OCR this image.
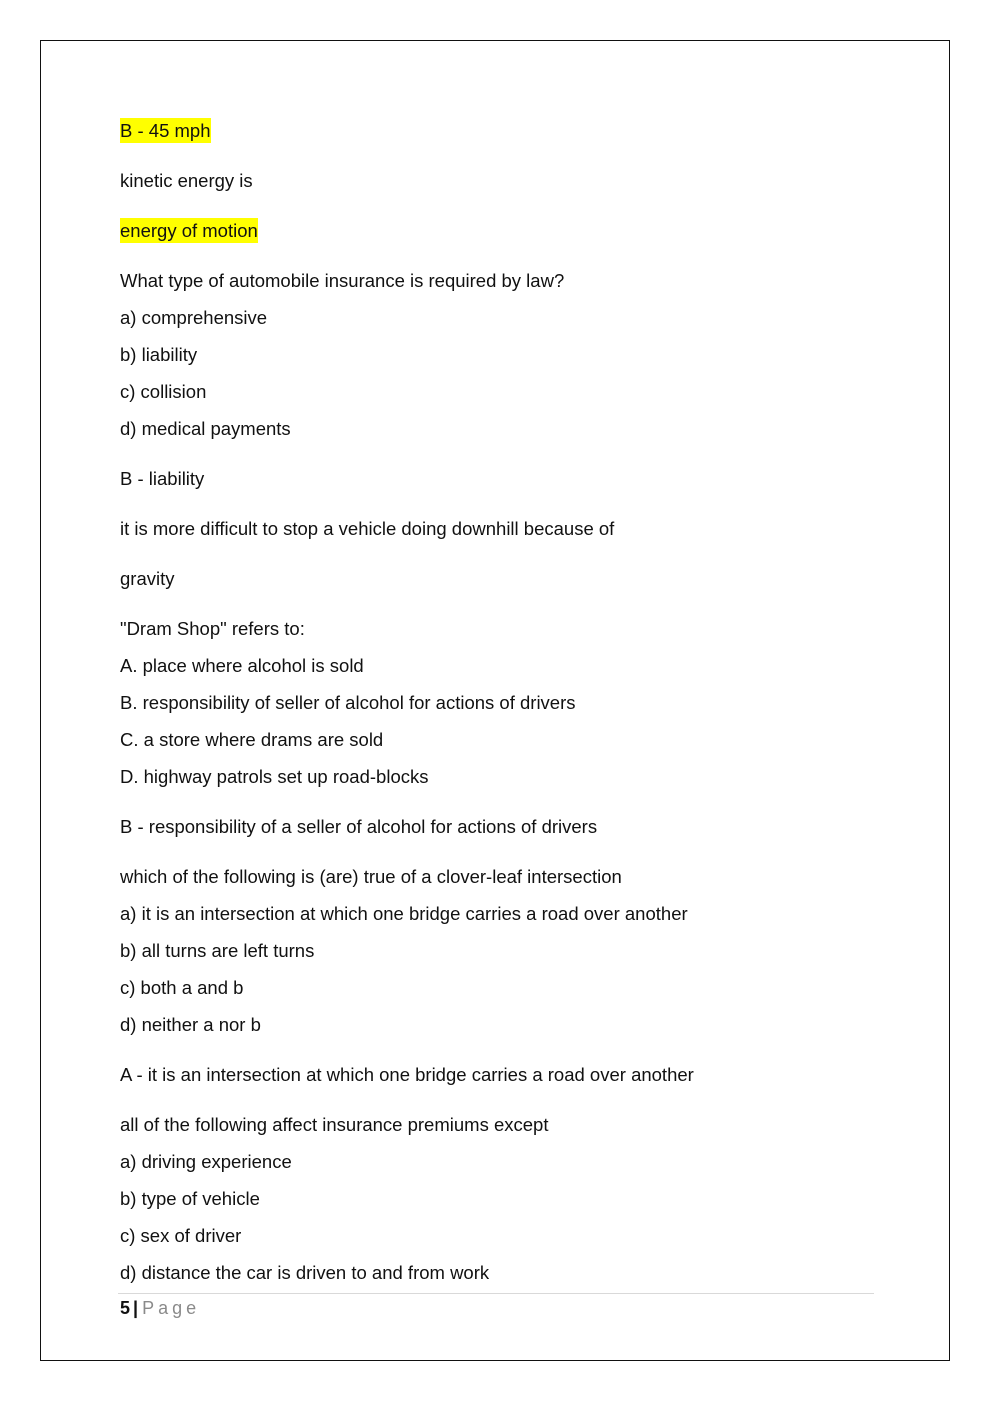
B - 45 mph

kinetic energy is

energy of motion

What type of automobile insurance is required by law?

a) comprehensive

b) liability

c) collision

d) medical payments

B - liability

it is more difficult to stop a vehicle doing downhill because of

gravity

"Dram Shop" refers to:

A. place where alcohol is sold

B. responsibility of seller of alcohol for actions of drivers

C. a store where drams are sold

D. highway patrols set up road-blocks

B - responsibility of a seller of alcohol for actions of drivers

which of the following is (are) true of a clover-leaf intersection

a) it is an intersection at which one bridge carries a road over another

b) all turns are left turns

c) both a and b

d) neither a nor b

A - it is an intersection at which one bridge carries a road over another

all of the following affect insurance premiums except

a) driving experience

b) type of vehicle

c) sex of driver

d) distance the car is driven to and from work

5 | Page
